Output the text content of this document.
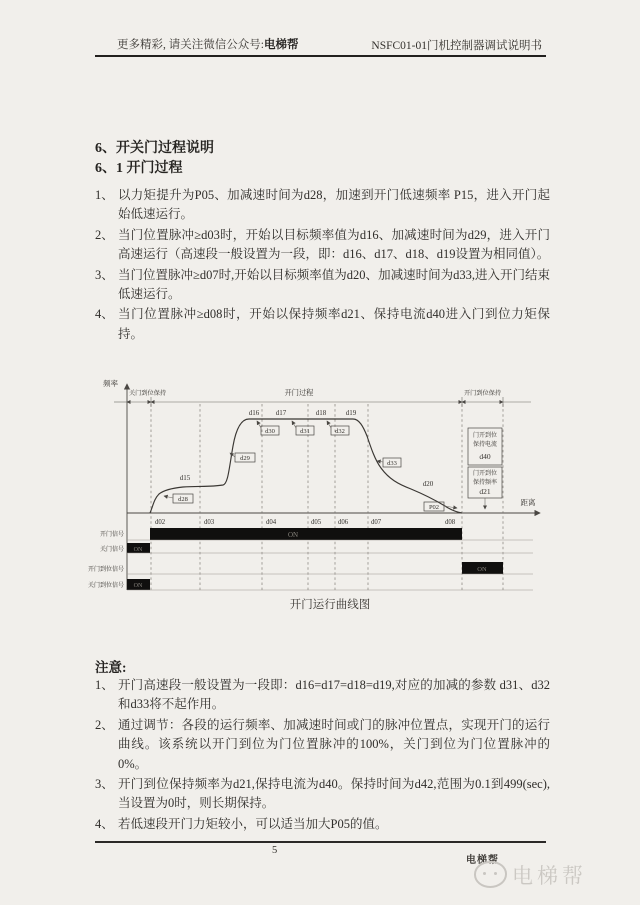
更多精彩, 请关注微信公众号:电梯帮	NSFC01-01门机控制器调试说明书
6、开关门过程说明
6、1 开门过程
1、 以力矩提升为P05、加减速时间为d28，加速到开门低速频率 P15，进入开门起始低速运行。
2、 当门位置脉冲≥d03时，开始以目标频率值为d16、加减速时间为d29，进入开门高速运行（高速段一般设置为一段，即：d16、d17、d18、d19设置为相同值）。
3、 当门位置脉冲≥d07时,开始以目标频率值为d20、加减速时间为d33,进入开门结束低速运行。
4、 当门位置脉冲≥d08时，开始以保持频率d21、保持电流d40进入门到位力矩保持。
频率
距离
关门到位保持	开门过程	开门到位保持
d15
d16 d17	d18	d19
d20
d28
d29
d30	d31	d32
d33
P02
门开到位
保持电流
d40
门开到位
保持频率
d21
d02	d03	d04	d05 d06	d07	d08
开门信号	ON
关门信号 ON
开门到位信号	ON
关门到位信号 ON
开门运行曲线图
注意:
1、 开门高速段一般设置为一段即：d16=d17=d18=d19,对应的加减的参数 d31、d32和d33将不起作用。
2、 通过调节：各段的运行频率、加减速时间或门的脉冲位置点，实现开门的运行曲线。该系统以开门到位为门位置脉冲的100%，关门到位为门位置脉冲的0%。
3、 开门到位保持频率为d21,保持电流为d40。保持时间为d42,范围为0.1到499(sec),当设置为0时，则长期保持。
4、 若低速段开门力矩较小，可以适当加大P05的值。
5
电梯帮
电梯帮
